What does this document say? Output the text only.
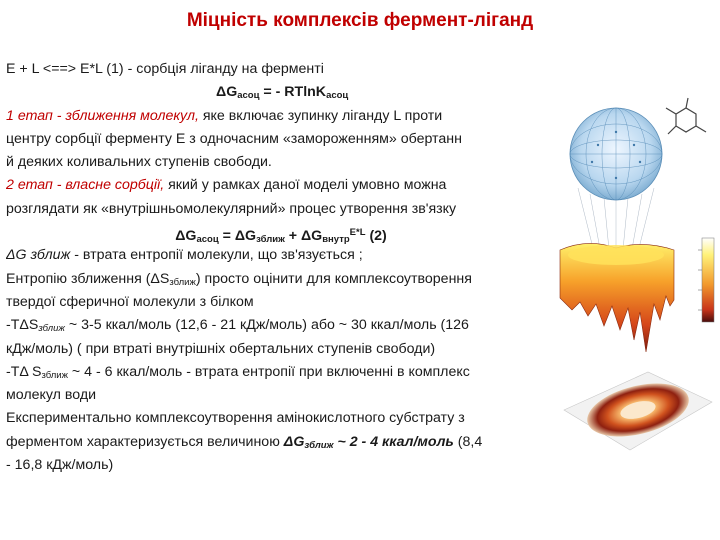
Міцність комплексів фермент-ліганд
E + L <==> E*L (1) - сорбція ліганду на ферменті
$\Delta G_{асоц}$ = - RTlnK$_{асоц}$
1 етап - зближення молекул, яке включає зупинку ліганду L проти
центру сорбції ферменту E з одночасним «замороженням» обертанн
й деяких коливальних ступенів свободи.
2 етап - власне сорбції, який у рамках даної моделі умовно можна
розглядати як «внутрішньомолекулярний» процес утворення зв'язку
$\Delta G_{асоц} = \Delta G_{зближ} + \Delta G_{внутр}^{E*L}$ (2)
ΔG зближ - втрата ентропії молекули, що зв'язується ;
Ентропію зближення $(\Delta S_{зближ})$ просто оцінити для комплексоутворення
твердої сферичної молекули з білком
$-T\Delta S_{зближ}$ ~ 3-5 ккал/моль (12,6 - 21 кДж/моль) або ~ 30 ккал/моль (126
кДж/моль) ( при втраті внутрішніх обертальних ступенів свободи)
-TΔ $S_{зближ}$ ~ 4 - 6 ккал/моль - втрата ентропії при включенні в комплекс
молекул води
Експериментально комплексоутворення амінокислотного субстрату з
ферментом характеризується величиною $\Delta G_{зближ}$ ~ 2 - 4 ккал/моль (8,4
- 16,8 кДж/моль)
